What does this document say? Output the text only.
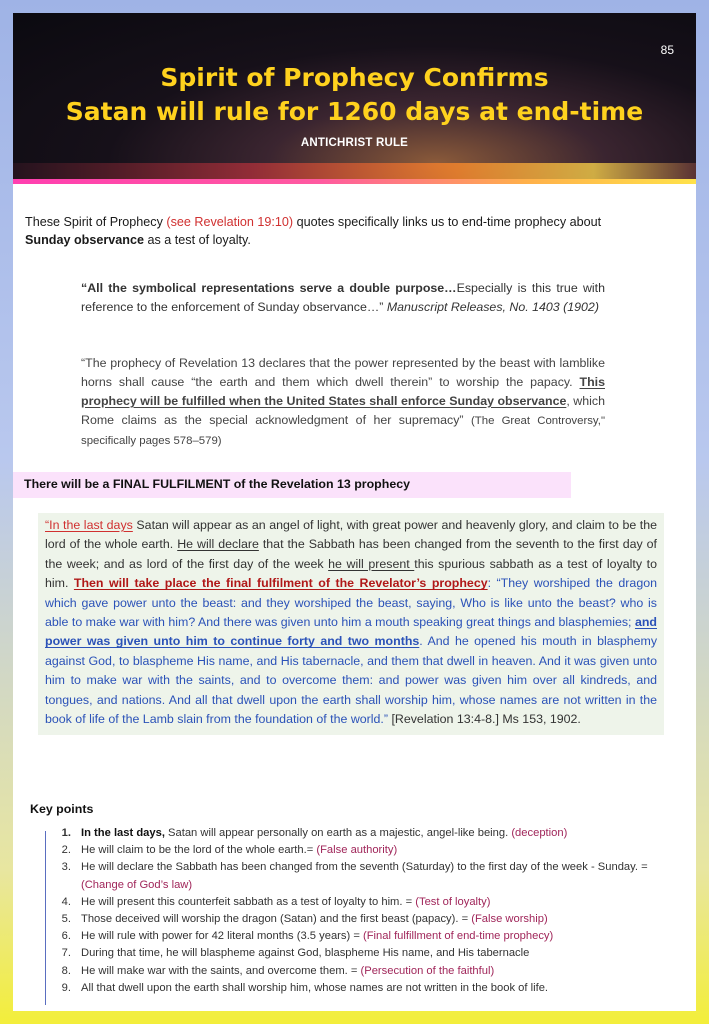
85
Spirit of Prophecy Confirms
Satan will rule for 1260 days at end-time
ANTICHRIST RULE
These Spirit of Prophecy (see Revelation 19:10) quotes specifically links us to end-time prophecy about Sunday observance as a test of loyalty.
“All the symbolical representations serve a double purpose…Especially is this true with reference to the enforcement of Sunday observance…” Manuscript Releases, No. 1403 (1902)
“The prophecy of Revelation 13 declares that the power represented by the beast with lamblike horns shall cause “the earth and them which dwell therein” to worship the papacy. This prophecy will be fulfilled when the United States shall enforce Sunday observance, which Rome claims as the special acknowledgment of her supremacy” (The Great Controversy," specifically pages 578–579)
There will be a FINAL FULFILMENT of the Revelation 13 prophecy
“In the last days Satan will appear as an angel of light, with great power and heavenly glory, and claim to be the lord of the whole earth. He will declare that the Sabbath has been changed from the seventh to the first day of the week; and as lord of the first day of the week he will present this spurious sabbath as a test of loyalty to him. Then will take place the final fulfilment of the Revelator’s prophecy: “They worshiped the dragon which gave power unto the beast: and they worshiped the beast, saying, Who is like unto the beast? who is able to make war with him? And there was given unto him a mouth speaking great things and blasphemies; and power was given unto him to continue forty and two months. And he opened his mouth in blasphemy against God, to blaspheme His name, and His tabernacle, and them that dwell in heaven. And it was given unto him to make war with the saints, and to overcome them: and power was given him over all kindreds, and tongues, and nations. And all that dwell upon the earth shall worship him, whose names are not written in the book of life of the Lamb slain from the foundation of the world.” [Revelation 13:4-8.] Ms 153, 1902.
Key points
1. In the last days, Satan will appear personally on earth as a majestic, angel-like being. (deception)
2. He will claim to be the lord of the whole earth.= (False authority)
3. He will declare the Sabbath has been changed from the seventh (Saturday) to the first day of the week - Sunday. = (Change of God’s law)
4. He will present this counterfeit sabbath as a test of loyalty to him. = (Test of loyalty)
5. Those deceived will worship the dragon (Satan) and the first beast (papacy). = (False worship)
6. He will rule with power for 42 literal months (3.5 years) = (Final fulfillment of end-time prophecy)
7. During that time, he will blaspheme against God, blaspheme His name, and His tabernacle
8. He will make war with the saints, and overcome them. = (Persecution of the faithful)
9. All that dwell upon the earth shall worship him, whose names are not written in the book of life.
